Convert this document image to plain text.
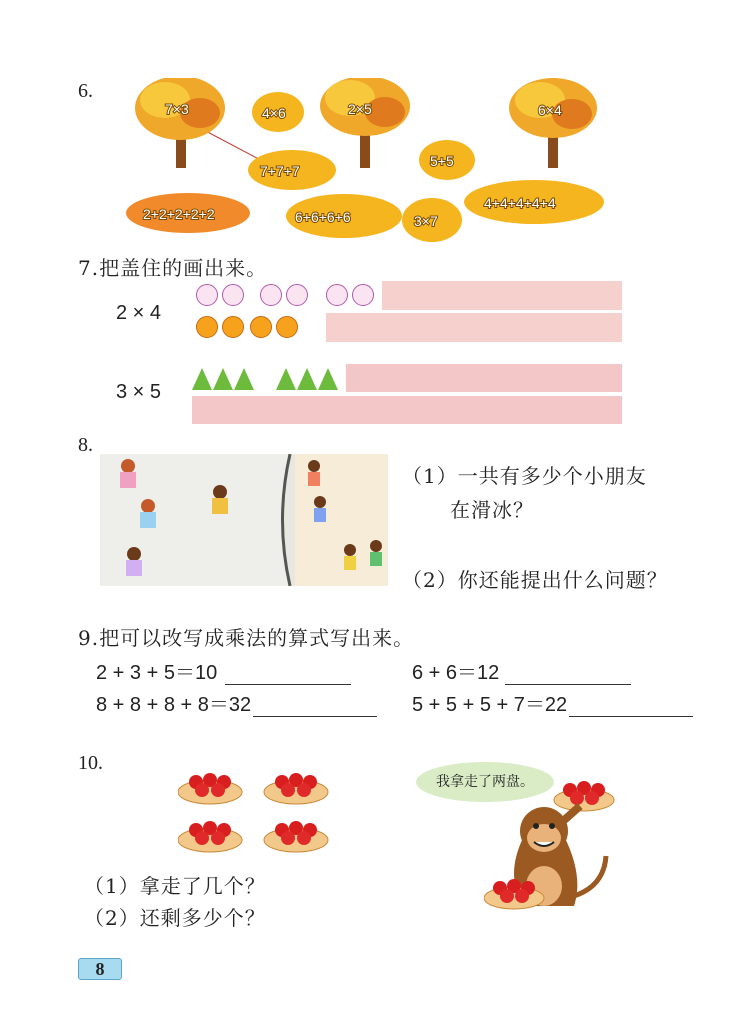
6.
7×3	4×6	2×5	6×4
7+7+7
5+5
2+2+2+2+2	6+6+6+6	3×7
4+4+4+4+4
7.把盖住的画出来。
2 × 4
3 × 5
8.
（1）一共有多少个小朋友
在滑冰？
（2）你还能提出什么问题？
9.把可以改写成乘法的算式写出来。
2 + 3 + 5＝10	6 + 6＝12
8 + 8 + 8 + 8＝32	5 + 5 + 5 + 7＝22
10.
我拿走了两盘。
（1）拿走了几个？
（2）还剩多少个？
8
